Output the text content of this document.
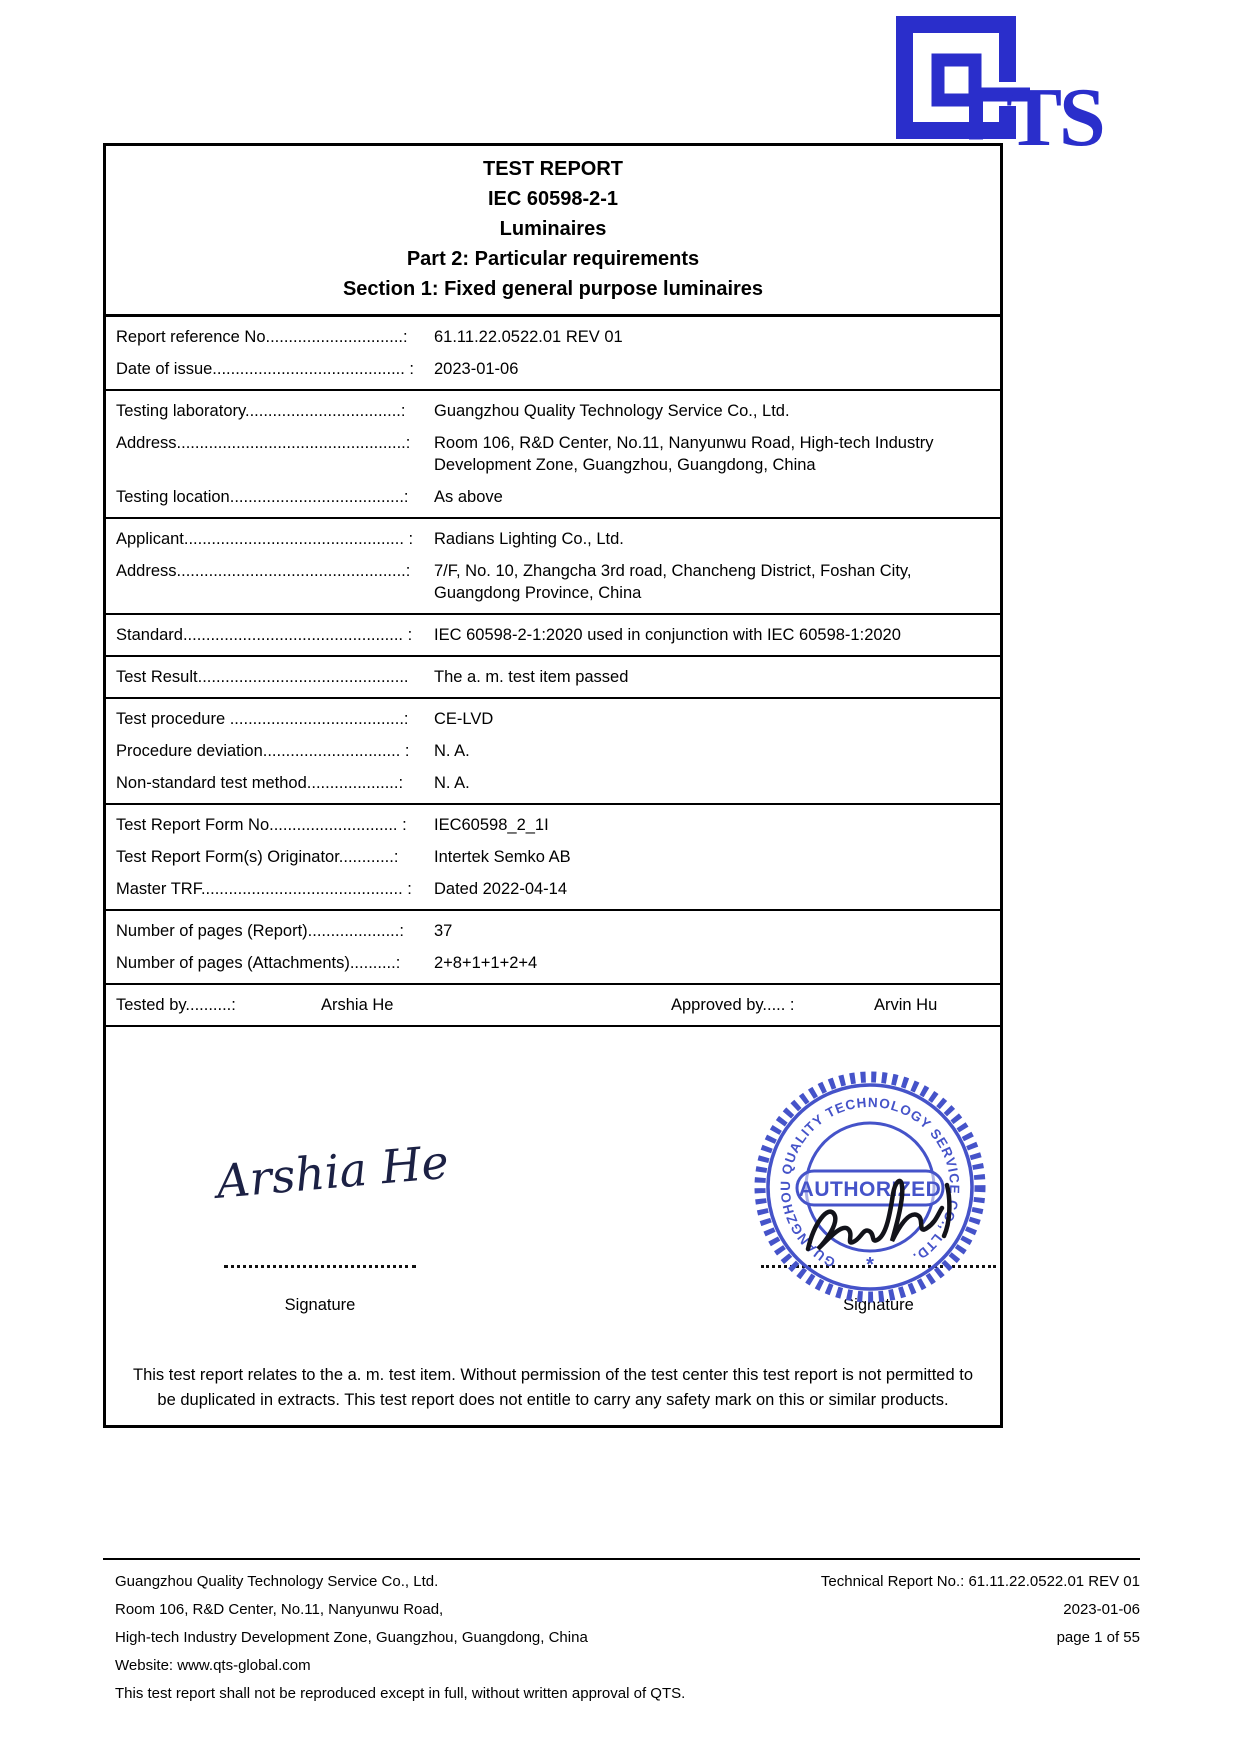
TS
TEST REPORT
IEC 60598-2-1
Luminaires
Part 2: Particular requirements
Section 1: Fixed general purpose luminaires
Report reference No..............................:	61.11.22.0522.01 REV 01
Date of issue.......................................... :	2023-01-06
Testing laboratory..................................:	Guangzhou Quality Technology Service Co., Ltd.
Address..................................................:	Room 106, R&D Center, No.11, Nanyunwu Road, High-tech Industry Development Zone, Guangzhou, Guangdong, China
Testing location......................................:	As above
Applicant................................................ :	Radians Lighting Co., Ltd.
Address..................................................:	7/F, No. 10, Zhangcha 3rd road, Chancheng District, Foshan City, Guangdong Province, China
Standard................................................ :	IEC 60598-2-1:2020 used in conjunction with IEC 60598-1:2020
Test Result..............................................	The a. m. test item passed
Test procedure ......................................:	CE-LVD
Procedure deviation.............................. :	N. A.
Non-standard test method....................:	N. A.
Test Report Form No............................ :	IEC60598_2_1I
Test Report Form(s) Originator............:	Intertek Semko AB
Master TRF............................................ :	Dated 2022-04-14
Number of pages (Report)....................:	37
Number of pages (Attachments)..........:	2+8+1+1+2+4
Tested by..........:	Arshia He	Approved by..... :	Arvin Hu
Arshia He
Signature	Signature
GUANGZHOU QUALITY TECHNOLOGY SERVICE CO., LTD.
*
AUTHORIZED
This test report relates to the a. m. test item. Without permission of the test center this test report is not permitted to be duplicated in extracts. This test report does not entitle to carry any safety mark on this or similar products.
Guangzhou Quality Technology Service Co., Ltd.
Room 106, R&D Center, No.11, Nanyunwu Road,
High-tech Industry Development Zone, Guangzhou, Guangdong, China
Website: www.qts-global.com
This test report shall not be reproduced except in full, without written approval of QTS.
Technical Report No.: 61.11.22.0522.01 REV 01
2023-01-06
page 1 of 55
